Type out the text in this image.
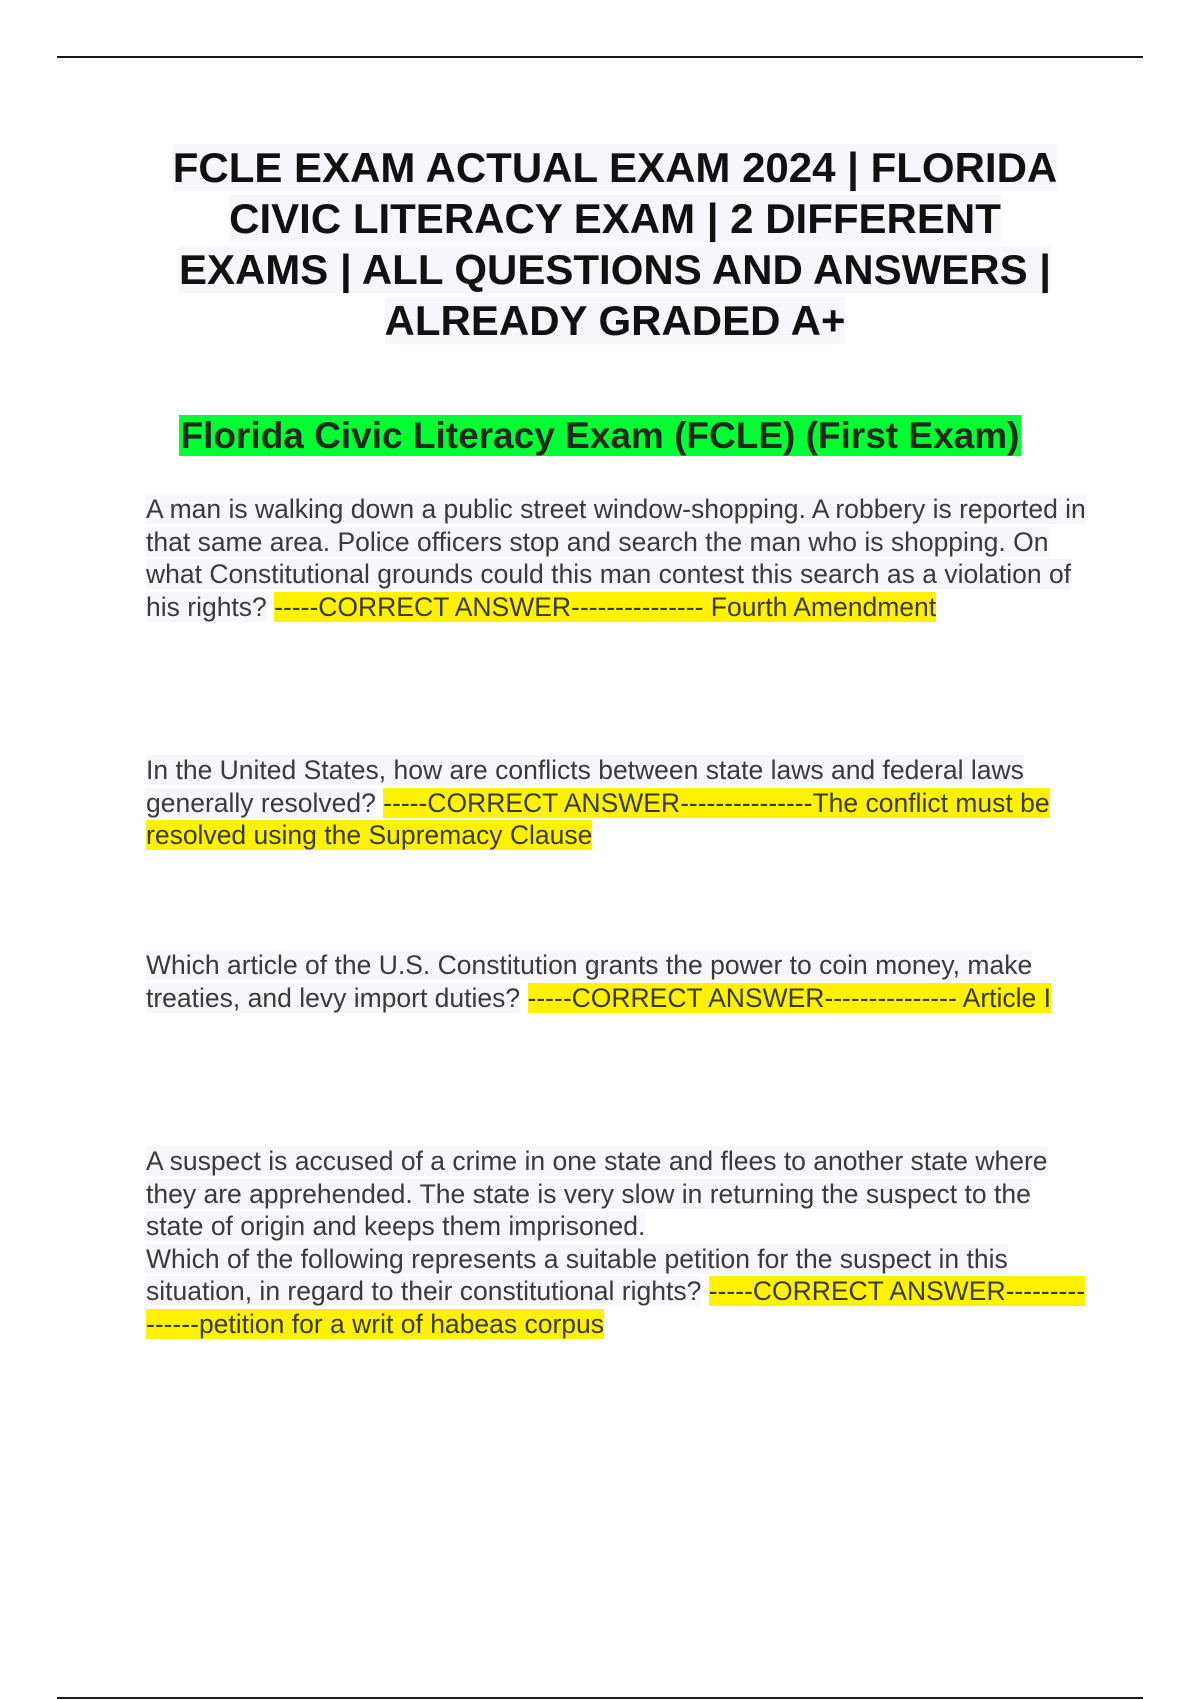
FCLE EXAM ACTUAL EXAM 2024 | FLORIDA
CIVIC LITERACY EXAM | 2 DIFFERENT
EXAMS | ALL QUESTIONS AND ANSWERS |
ALREADY GRADED A+
Florida Civic Literacy Exam (FCLE) (First Exam)

A man is walking down a public street window-shopping. A robbery is reported in that same area. Police officers stop and search the man who is shopping. On what Constitutional grounds could this man contest this search as a violation of his rights? -----CORRECT ANSWER--------------- Fourth Amendment

In the United States, how are conflicts between state laws and federal laws generally resolved? -----CORRECT ANSWER---------------The conflict must be resolved using the Supremacy Clause

Which article of the U.S. Constitution grants the power to coin money, make treaties, and levy import duties? -----CORRECT ANSWER--------------- Article I

A suspect is accused of a crime in one state and flees to another state where they are apprehended. The state is very slow in returning the suspect to the state of origin and keeps them imprisoned.
Which of the following represents a suitable petition for the suspect in this situation, in regard to their constitutional rights? -----CORRECT ANSWER---------------petition for a writ of habeas corpus
